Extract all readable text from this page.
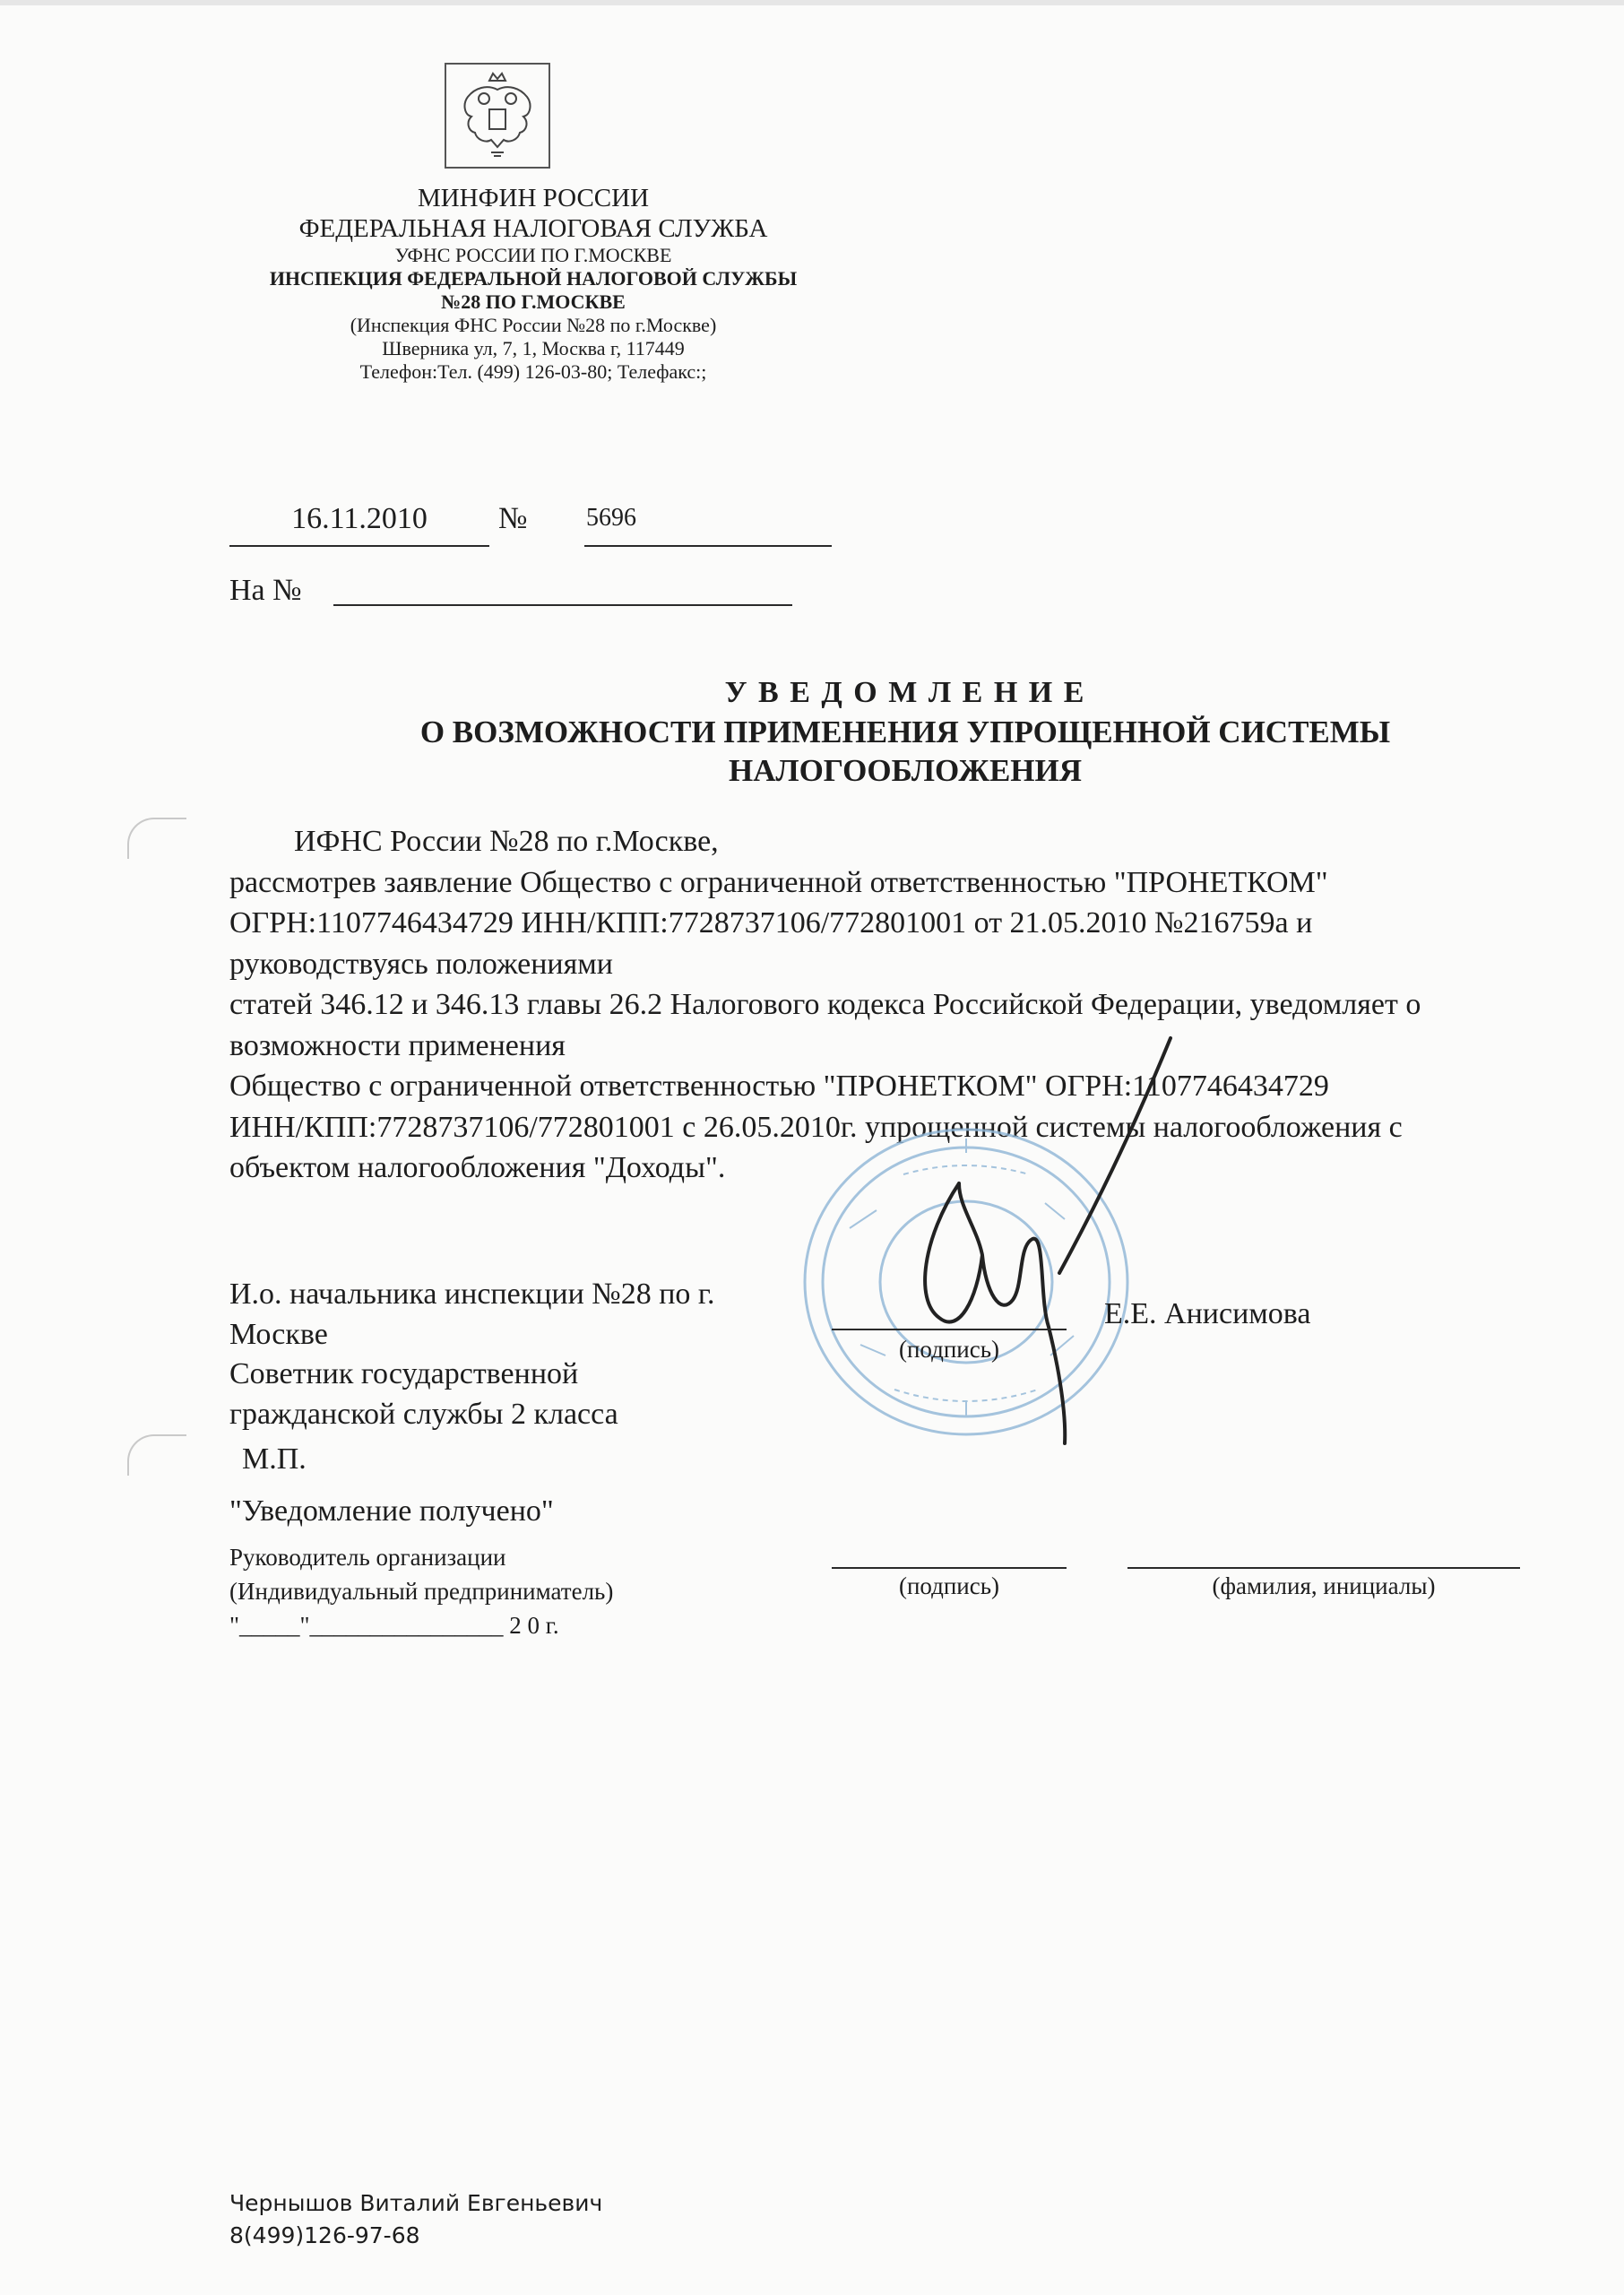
МИНФИН РОССИИ
ФЕДЕРАЛЬНАЯ НАЛОГОВАЯ СЛУЖБА
УФНС РОССИИ ПО Г.МОСКВЕ
ИНСПЕКЦИЯ ФЕДЕРАЛЬНОЙ НАЛОГОВОЙ СЛУЖБЫ
№28 ПО Г.МОСКВЕ
(Инспекция ФНС России №28 по г.Москве)
Шверника ул, 7, 1, Москва г, 117449
Телефон:Тел. (499) 126-03-80; Телефакс:;
16.11.2010	№ 5696
На №
У В Е Д О М Л Е Н И Е
О ВОЗМОЖНОСТИ ПРИМЕНЕНИЯ УПРОЩЕННОЙ СИСТЕМЫ
НАЛОГООБЛОЖЕНИЯ

ИФНС России №28 по г.Москве,

рассмотрев заявление Общество с ограниченной ответственностью "ПРОНЕТКОМ"

ОГРН:1107746434729 ИНН/КПП:7728737106/772801001 от 21.05.2010 №216759а и

руководствуясь положениями

статей 346.12 и 346.13 главы 26.2 Налогового кодекса Российской Федерации, уведомляет о

возможности применения

Общество с ограниченной ответственностью "ПРОНЕТКОМ" ОГРН:1107746434729

ИНН/КПП:7728737106/772801001 с 26.05.2010г. упрощенной системы налогообложения с

объектом налогообложения "Доходы".

И.о. начальника инспекции №28 по г.
Москве
Советник государственной
гражданской службы 2 класса
(подпись)
Е.Е. Анисимова
М.П.
"Уведомление получено"
Руководитель организации
(Индивидуальный предприниматель)
"_____"________________ 2 0 г.
(подпись)	(фамилия, инициалы)
Чернышов Виталий Евгеньевич
8(499)126-97-68
